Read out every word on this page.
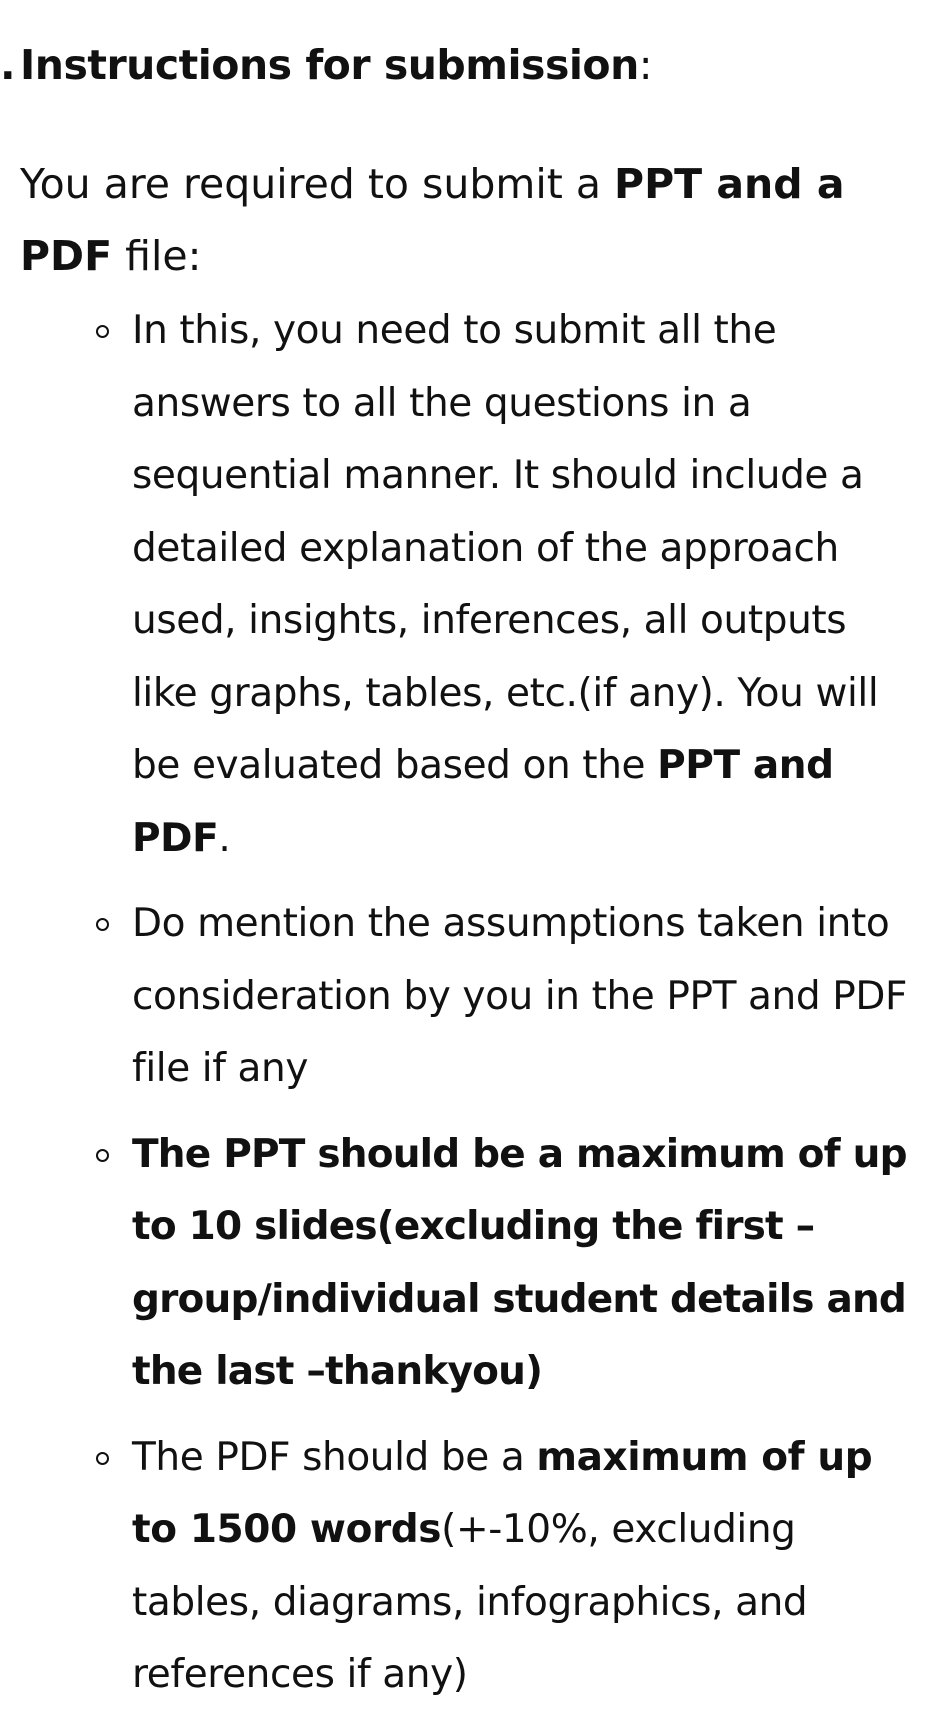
. Instructions for submission:

You are required to submit a PPT and a PDF file:

In this, you need to submit all the answers to all the questions in a sequential manner. It should include a detailed explanation of the approach used, insights, inferences, all outputs like graphs, tables, etc.(if any). You will be evaluated based on the PPT and PDF.
Do mention the assumptions taken into consideration by you in the PPT and PDF file if any
The PPT should be a maximum of up to 10 slides(excluding the first – group/individual student details and the last –thankyou)
The PDF should be a maximum of up to 1500 words(+-10%, excluding tables, diagrams, infographics, and references if any)
